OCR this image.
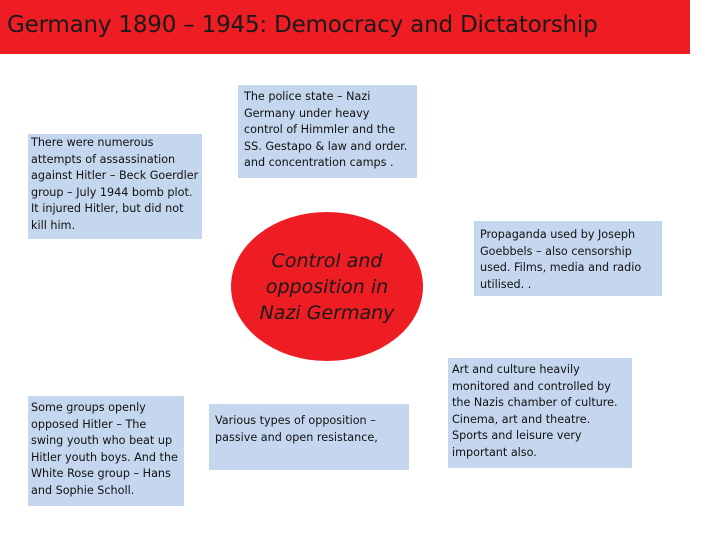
Germany 1890 – 1945: Democracy and Dictatorship
There were numerous attempts of assassination against Hitler – Beck Goerdler group – July 1944 bomb plot. It injured Hitler, but did not kill him.
The police state – Nazi Germany under heavy control of Himmler and the SS. Gestapo & law and order. and concentration camps .
Propaganda used by Joseph Goebbels – also censorship used. Films, media and radio utilised. .
Some groups openly opposed Hitler – The swing youth who beat up Hitler youth boys. And the White Rose group – Hans and Sophie Scholl.
Various types of opposition – passive and open resistance,
Art and culture heavily monitored and controlled by the Nazis chamber of culture. Cinema, art and theatre. Sports and leisure very important also.
Control and opposition in Nazi Germany
